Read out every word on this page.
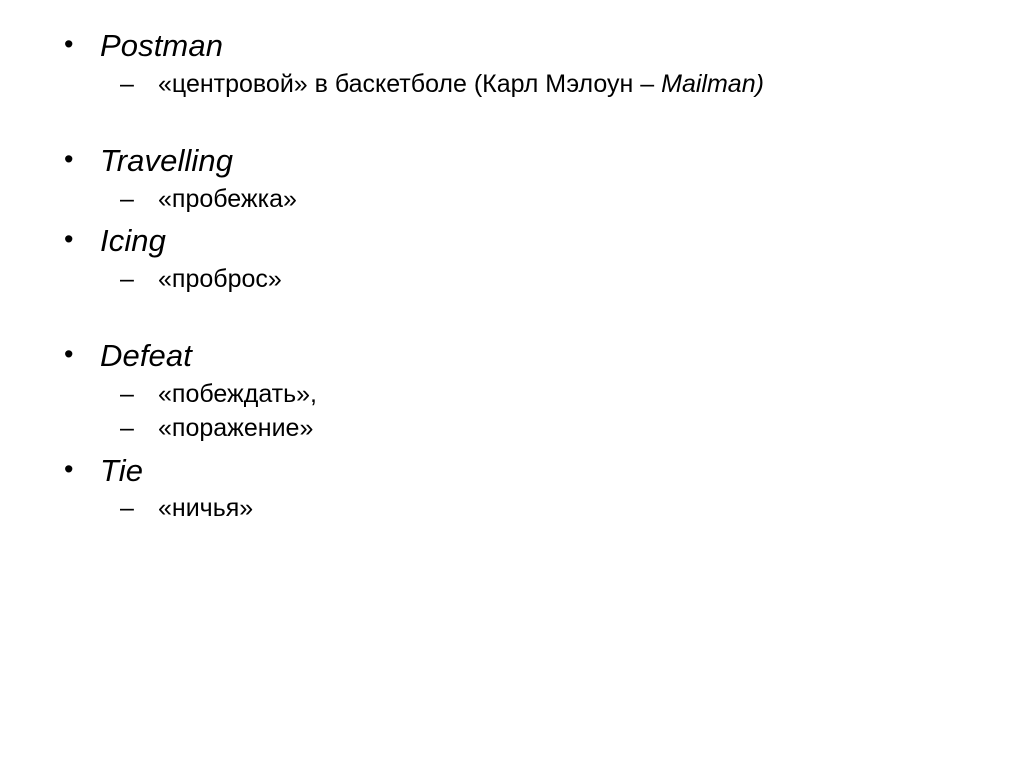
• Postman
– «центровой» в баскетболе (Карл Мэлоун – Mailman)
• Travelling
– «пробежка»
• Icing
– «проброс»
• Defeat
– «побеждать»,
– «поражение»
• Tie
– «ничья»
